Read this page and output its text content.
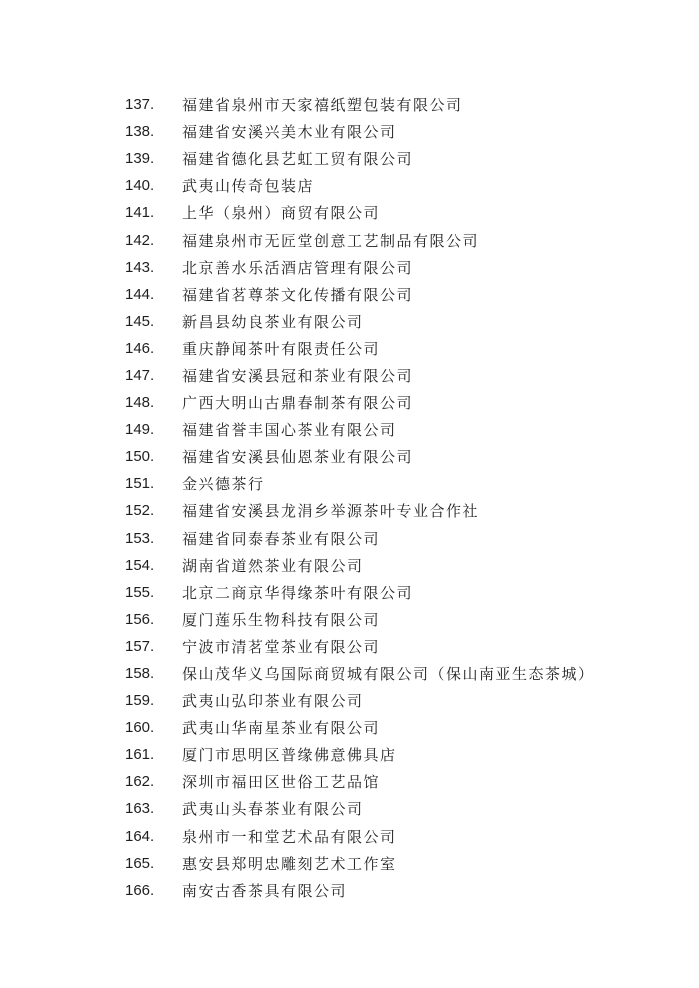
137.	福建省泉州市天家禧纸塑包装有限公司
138.	福建省安溪兴美木业有限公司
139.	福建省德化县艺虹工贸有限公司
140.	武夷山传奇包装店
141.	上华（泉州）商贸有限公司
142.	福建泉州市无匠堂创意工艺制品有限公司
143.	北京善水乐活酒店管理有限公司
144.	福建省茗尊茶文化传播有限公司
145.	新昌县幼良茶业有限公司
146.	重庆静闻茶叶有限责任公司
147.	福建省安溪县冠和茶业有限公司
148.	广西大明山古鼎春制茶有限公司
149.	福建省誉丰国心茶业有限公司
150.	福建省安溪县仙恩茶业有限公司
151.	金兴德茶行
152.	福建省安溪县龙涓乡举源茶叶专业合作社
153.	福建省同泰春茶业有限公司
154.	湖南省道然茶业有限公司
155.	北京二商京华得缘茶叶有限公司
156.	厦门莲乐生物科技有限公司
157.	宁波市清茗堂茶业有限公司
158.	保山茂华义乌国际商贸城有限公司（保山南亚生态茶城）
159.	武夷山弘印茶业有限公司
160.	武夷山华南星茶业有限公司
161.	厦门市思明区普缘佛意佛具店
162.	深圳市福田区世俗工艺品馆
163.	武夷山头春茶业有限公司
164.	泉州市一和堂艺术品有限公司
165.	惠安县郑明忠雕刻艺术工作室
166.	南安古香茶具有限公司
